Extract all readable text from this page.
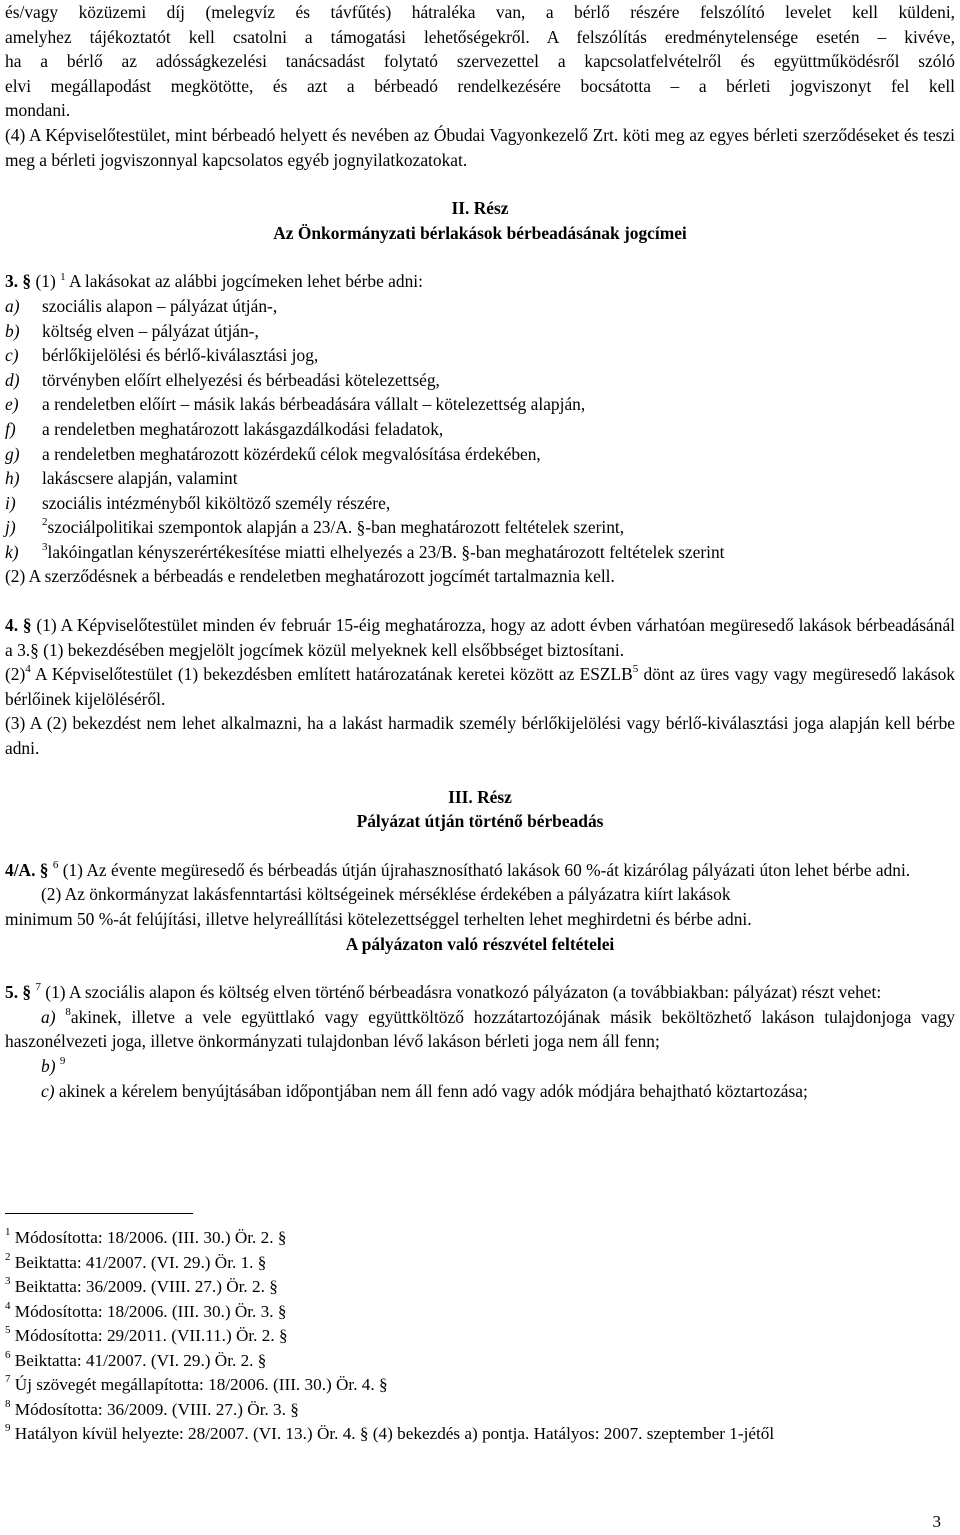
és/vagy közüzemi díj (melegvíz és távfűtés) hátraléka van, a bérlő részére felszólító levelet kell küldeni,

amelyhez tájékoztatót kell csatolni a támogatási lehetőségekről. A felszólítás eredménytelensége esetén – kivéve,

ha a bérlő az adósságkezelési tanácsadást folytató szervezettel a kapcsolatfelvételről és együttműködésről szóló

elvi megállapodást megkötötte, és azt a bérbeadó rendelkezésére bocsátotta – a bérleti jogviszonyt fel kell

mondani.

(4) A Képviselőtestület, mint bérbeadó helyett és nevében az Óbudai Vagyonkezelő Zrt. köti meg az egyes bérleti szerződéseket és teszi meg a bérleti jogviszonnyal kapcsolatos egyéb jognyilatkozatokat.

II. Rész

Az Önkormányzati bérlakások bérbeadásának jogcímei

3. § (1) $^1$ A lakásokat az alábbi jogcímeken lehet bérbe adni:

a)	szociális alapon – pályázat útján-,
b)	költség elven – pályázat útján-,
c)	bérlőkijelölési és bérlő-kiválasztási jog,
d)	törvényben előírt elhelyezési és bérbeadási kötelezettség,
e)	a rendeletben előírt – másik lakás bérbeadására vállalt – kötelezettség alapján,
f)	a rendeletben meghatározott lakásgazdálkodási feladatok,
g)	a rendeletben meghatározott közérdekű célok megvalósítása érdekében,
h)	lakáscsere alapján, valamint
i)	szociális intézményből kiköltöző személy részére,
j)	$^2$szociálpolitikai szempontok alapján a 23/A. §-ban meghatározott feltételek szerint,
k)	$^3$lakóingatlan kényszerértékesítése miatti elhelyezés a 23/B. §-ban meghatározott feltételek szerint

(2) A szerződésnek a bérbeadás e rendeletben meghatározott jogcímét tartalmaznia kell.

4. § (1) A Képviselőtestület minden év február 15-éig meghatározza, hogy az adott évben várhatóan megüresedő lakások bérbeadásánál a 3.§ (1) bekezdésében megjelölt jogcímek közül melyeknek kell elsőbbséget biztosítani.

$(2)^4$ A Képviselőtestület (1) bekezdésben említett határozatának keretei között az ESZLB$^5$ dönt az üres vagy vagy megüresedő lakások bérlőinek kijelöléséről.

(3) A (2) bekezdést nem lehet alkalmazni, ha a lakást harmadik személy bérlőkijelölési vagy bérlő-kiválasztási joga alapján kell bérbe adni.

III. Rész

Pályázat útján történő bérbeadás

4/A. § $^6$ (1) Az évente megüresedő és bérbeadás útján újrahasznosítható lakások 60 %-át kizárólag pályázati úton lehet bérbe adni.

(2) Az önkormányzat lakásfenntartási költségeinek mérséklése érdekében a pályázatra kiírt lakások

minimum 50 %-át felújítási, illetve helyreállítási kötelezettséggel terhelten lehet meghirdetni és bérbe adni.

A pályázaton való részvétel feltételei

5. § $^7$ (1) A szociális alapon és költség elven történő bérbeadásra vonatkozó pályázaton (a továbbiakban: pályázat) részt vehet:

a) $^8$akinek, illetve a vele együttlakó vagy együttköltöző hozzátartozójának másik beköltözhető lakáson tulajdonjoga vagy haszonélvezeti joga, illetve önkormányzati tulajdonban lévő lakáson bérleti joga nem áll fenn;

b) $^9$

c) akinek a kérelem benyújtásában időpontjában nem áll fenn adó vagy adók módjára behajtható köztartozása;

$^1$ Módosította: 18/2006. (III. 30.) Ör. 2. §

$^2$ Beiktatta: 41/2007. (VI. 29.) Ör. 1. §

$^3$ Beiktatta: 36/2009. (VIII. 27.) Ör. 2. §

$^4$ Módosította: 18/2006. (III. 30.) Ör. 3. §

$^5$ Módosította: 29/2011. (VII.11.) Ör. 2. §

$^6$ Beiktatta: 41/2007. (VI. 29.) Ör. 2. §

$^7$ Új szövegét megállapította: 18/2006. (III. 30.) Ör. 4. §

$^8$ Módosította: 36/2009. (VIII. 27.) Ör. 3. §

$^9$ Hatályon kívül helyezte: 28/2007. (VI. 13.) Ör. 4. § (4) bekezdés a) pontja. Hatályos: 2007. szeptember 1-jétől

3
